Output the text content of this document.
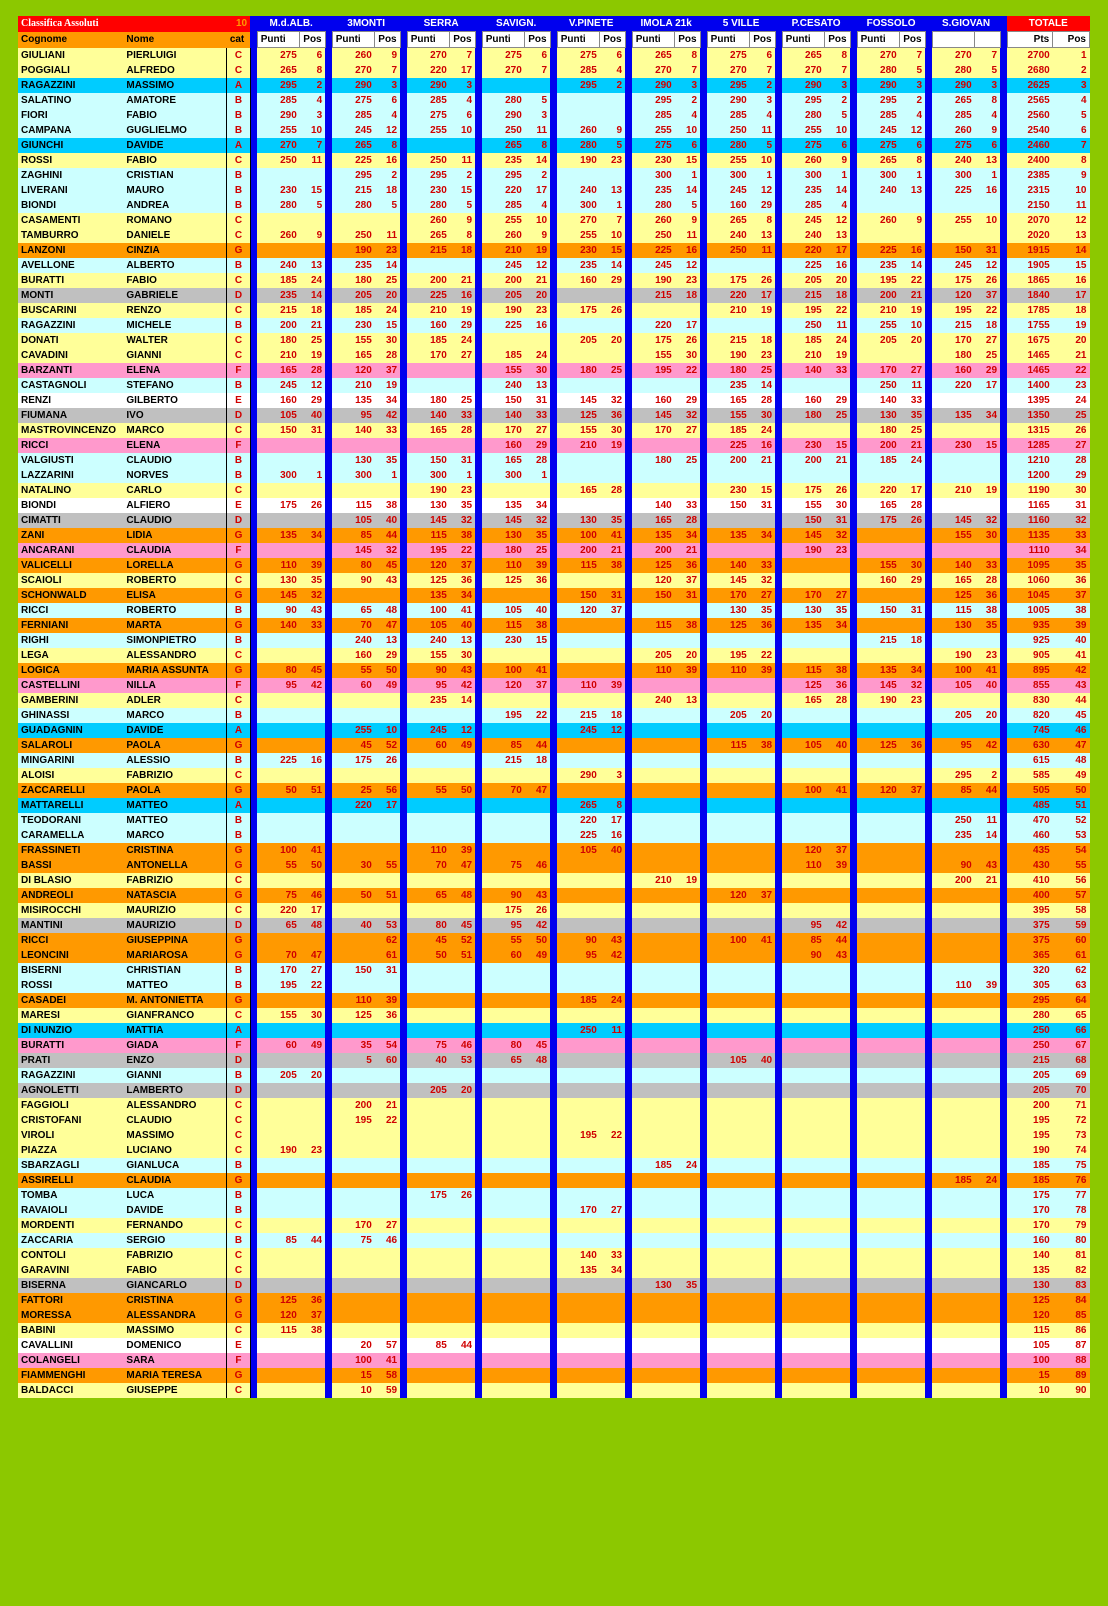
Classifica Assoluti		10		M.d.ALB.			3MONTI			SERRA			SAVIGN.			V.PINETE			IMOLA 21k			5 VILLE			P.CESATO			FOSSOLO			S.GIOVAN			TOTALE	
Cognome	Nome	cat		Punti	Pos		Punti	Pos		Punti	Pos		Punti	Pos		Punti	Pos		Punti	Pos		Punti	Pos		Punti	Pos		Punti	Pos					Pts	Pos
GIULIANI	PIERLUIGI	C		275	6		260	9		270	7		275	6		275	6		265	8		275	6		265	8		270	7		270	7		2700	1
POGGIALI	ALFREDO	C		265	8		270	7		220	17		270	7		285	4		270	7		270	7		270	7		280	5		280	5		2680	2
RAGAZZINI	MASSIMO	A		295	2		290	3		290	3					295	2		290	3		295	2		290	3		290	3		290	3		2625	3
SALATINO	AMATORE	B		285	4		275	6		285	4		280	5					295	2		290	3		295	2		295	2		265	8		2565	4
FIORI	FABIO	B		290	3		285	4		275	6		290	3					285	4		285	4		280	5		285	4		285	4		2560	5
CAMPANA	GUGLIELMO	B		255	10		245	12		255	10		250	11		260	9		255	10		250	11		255	10		245	12		260	9		2540	6
GIUNCHI	DAVIDE	A		270	7		265	8					265	8		280	5		275	6		280	5		275	6		275	6		275	6		2460	7
ROSSI	FABIO	C		250	11		225	16		250	11		235	14		190	23		230	15		255	10		260	9		265	8		240	13		2400	8
ZAGHINI	CRISTIAN	B					295	2		295	2		295	2					300	1		300	1		300	1		300	1		300	1		2385	9
LIVERANI	MAURO	B		230	15		215	18		230	15		220	17		240	13		235	14		245	12		235	14		240	13		225	16		2315	10
BIONDI	ANDREA	B		280	5		280	5		280	5		285	4		300	1		280	5		160	29		285	4								2150	11
CASAMENTI	ROMANO	C								260	9		255	10		270	7		260	9		265	8		245	12		260	9		255	10		2070	12
TAMBURRO	DANIELE	C		260	9		250	11		265	8		260	9		255	10		250	11		240	13		240	13								2020	13
LANZONI	CINZIA	G					190	23		215	18		210	19		230	15		225	16		250	11		220	17		225	16		150	31		1915	14
AVELLONE	ALBERTO	B		240	13		235	14					245	12		235	14		245	12					225	16		235	14		245	12		1905	15
BURATTI	FABIO	C		185	24		180	25		200	21		200	21		160	29		190	23		175	26		205	20		195	22		175	26		1865	16
MONTI	GABRIELE	D		235	14		205	20		225	16		205	20					215	18		220	17		215	18		200	21		120	37		1840	17
BUSCARINI	RENZO	C		215	18		185	24		210	19		190	23		175	26					210	19		195	22		210	19		195	22		1785	18
RAGAZZINI	MICHELE	B		200	21		230	15		160	29		225	16					220	17					250	11		255	10		215	18		1755	19
DONATI	WALTER	C		180	25		155	30		185	24					205	20		175	26		215	18		185	24		205	20		170	27		1675	20
CAVADINI	GIANNI	C		210	19		165	28		170	27		185	24					155	30		190	23		210	19					180	25		1465	21
BARZANTI	ELENA	F		165	28		120	37					155	30		180	25		195	22		180	25		140	33		170	27		160	29		1465	22
CASTAGNOLI	STEFANO	B		245	12		210	19					240	13								235	14					250	11		220	17		1400	23
RENZI	GILBERTO	E		160	29		135	34		180	25		150	31		145	32		160	29		165	28		160	29		140	33					1395	24
FIUMANA	IVO	D		105	40		95	42		140	33		140	33		125	36		145	32		155	30		180	25		130	35		135	34		1350	25
MASTROVINCENZO	MARCO	C		150	31		140	33		165	28		170	27		155	30		170	27		185	24					180	25					1315	26
RICCI	ELENA	F											160	29		210	19					225	16		230	15		200	21		230	15		1285	27
VALGIUSTI	CLAUDIO	B					130	35		150	31		165	28					180	25		200	21		200	21		185	24					1210	28
LAZZARINI	NORVES	B		300	1		300	1		300	1		300	1																				1200	29
NATALINO	CARLO	C								190	23					165	28					230	15		175	26		220	17		210	19		1190	30
BIONDI	ALFIERO	E		175	26		115	38		130	35		135	34					140	33		150	31		155	30		165	28					1165	31
CIMATTI	CLAUDIO	D					105	40		145	32		145	32		130	35		165	28					150	31		175	26		145	32		1160	32
ZANI	LIDIA	G		135	34		85	44		115	38		130	35		100	41		135	34		135	34		145	32					155	30		1135	33
ANCARANI	CLAUDIA	F					145	32		195	22		180	25		200	21		200	21					190	23								1110	34
VALICELLI	LORELLA	G		110	39		80	45		120	37		110	39		115	38		125	36		140	33					155	30		140	33		1095	35
SCAIOLI	ROBERTO	C		130	35		90	43		125	36		125	36					120	37		145	32					160	29		165	28		1060	36
SCHONWALD	ELISA	G		145	32					135	34					150	31		150	31		170	27		170	27					125	36		1045	37
RICCI	ROBERTO	B		90	43		65	48		100	41		105	40		120	37					130	35		130	35		150	31		115	38		1005	38
FERNIANI	MARTA	G		140	33		70	47		105	40		115	38					115	38		125	36		135	34					130	35		935	39
RIGHI	SIMONPIETRO	B					240	13		240	13		230	15														215	18					925	40
LEGA	ALESSANDRO	C					160	29		155	30								205	20		195	22								190	23		905	41
LOGICA	MARIA ASSUNTA	G		80	45		55	50		90	43		100	41					110	39		110	39		115	38		135	34		100	41		895	42
CASTELLINI	NILLA	F		95	42		60	49		95	42		120	37		110	39								125	36		145	32		105	40		855	43
GAMBERINI	ADLER	C								235	14								240	13					165	28		190	23					830	44
GHINASSI	MARCO	B											195	22		215	18					205	20								205	20		820	45
GUADAGNIN	DAVIDE	A					255	10		245	12					245	12																	745	46
SALAROLI	PAOLA	G					45	52		60	49		85	44								115	38		105	40		125	36		95	42		630	47
MINGARINI	ALESSIO	B		225	16		175	26					215	18																				615	48
ALOISI	FABRIZIO	C														290	3														295	2		585	49
ZACCARELLI	PAOLA	G		50	51		25	56		55	50		70	47											100	41		120	37		85	44		505	50
MATTARELLI	MATTEO	A					220	17								265	8																	485	51
TEODORANI	MATTEO	B														220	17														250	11		470	52
CARAMELLA	MARCO	B														225	16														235	14		460	53
FRASSINETI	CRISTINA	G		100	41					110	39					105	40								120	37								435	54
BASSI	ANTONELLA	G		55	50		30	55		70	47		75	46											110	39					90	43		430	55
DI BLASIO	FABRIZIO	C																	210	19											200	21		410	56
ANDREOLI	NATASCIA	G		75	46		50	51		65	48		90	43								120	37											400	57
MISIROCCHI	MAURIZIO	C		220	17								175	26																				395	58
MANTINI	MAURIZIO	D		65	48		40	53		80	45		95	42											95	42								375	59
RICCI	GIUSEPPINA	G						62		45	52		55	50		90	43					100	41		85	44								375	60
LEONCINI	MARIAROSA	G		70	47			61		50	51		60	49		95	42								90	43								365	61
BISERNI	CHRISTIAN	B		170	27		150	31																										320	62
ROSSI	MATTEO	B		195	22																										110	39		305	63
CASADEI	M. ANTONIETTA	G					110	39								185	24																	295	64
MARESI	GIANFRANCO	C		155	30		125	36																										280	65
DI NUNZIO	MATTIA	A														250	11																	250	66
BURATTI	GIADA	F		60	49		35	54		75	46		80	45																				250	67
PRATI	ENZO	D					5	60		40	53		65	48								105	40											215	68
RAGAZZINI	GIANNI	B		205	20																													205	69
AGNOLETTI	LAMBERTO	D								205	20																							205	70
FAGGIOLI	ALESSANDRO	C					200	21																										200	71
CRISTOFANI	CLAUDIO	C					195	22																										195	72
VIROLI	MASSIMO	C														195	22																	195	73
PIAZZA	LUCIANO	C		190	23																													190	74
SBARZAGLI	GIANLUCA	B																	185	24														185	75
ASSIRELLI	CLAUDIA	G																													185	24		185	76
TOMBA	LUCA	B								175	26																							175	77
RAVAIOLI	DAVIDE	B														170	27																	170	78
MORDENTI	FERNANDO	C					170	27																										170	79
ZACCARIA	SERGIO	B		85	44		75	46																										160	80
CONTOLI	FABRIZIO	C														140	33																	140	81
GARAVINI	FABIO	C														135	34																	135	82
BISERNA	GIANCARLO	D																	130	35														130	83
FATTORI	CRISTINA	G		125	36																													125	84
MORESSA	ALESSANDRA	G		120	37																													120	85
BABINI	MASSIMO	C		115	38																													115	86
CAVALLINI	DOMENICO	E					20	57		85	44																							105	87
COLANGELI	SARA	F					100	41																										100	88
FIAMMENGHI	MARIA TERESA	G					15	58																										15	89
BALDACCI	GIUSEPPE	C					10	59																										10	90
